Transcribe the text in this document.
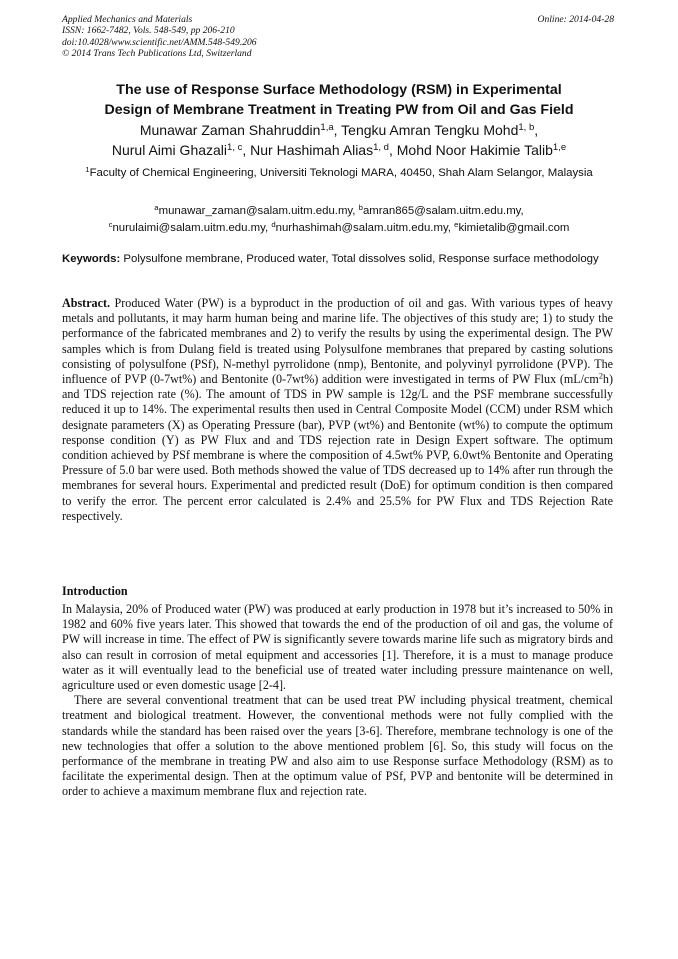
Applied Mechanics and Materials
ISSN: 1662-7482, Vols. 548-549, pp 206-210
doi:10.4028/www.scientific.net/AMM.548-549.206
© 2014 Trans Tech Publications Ltd, Switzerland
Online: 2014-04-28
The use of Response Surface Methodology (RSM) in Experimental
Design of Membrane Treatment in Treating PW from Oil and Gas Field
Munawar Zaman Shahruddin$^{1,a}$, Tengku Amran Tengku Mohd$^{1, b}$,
Nurul Aimi Ghazali$^{1, c}$, Nur Hashimah Alias$^{1, d}$, Mohd Noor Hakimie Talib$^{1,e}$
$^1$Faculty of Chemical Engineering, Universiti Teknologi MARA, 40450, Shah Alam Selangor, Malaysia
$^a$munawar_zaman@salam.uitm.edu.my, $^b$amran865@salam.uitm.edu.my,
$^c$nurulaimi@salam.uitm.edu.my, $^d$nurhashimah@salam.uitm.edu.my, $^e$kimietalib@gmail.com
Keywords: Polysulfone membrane, Produced water, Total dissolves solid, Response surface methodology
Abstract. Produced Water (PW) is a byproduct in the production of oil and gas. With various types of heavy metals and pollutants, it may harm human being and marine life. The objectives of this study are; 1) to study the performance of the fabricated membranes and 2) to verify the results by using the experimental design. The PW samples which is from Dulang field is treated using Polysulfone membranes that prepared by casting solutions consisting of polysulfone (PSf), N-methyl pyrrolidone (nmp), Bentonite, and polyvinyl pyrrolidone (PVP). The influence of PVP (0-7wt%) and Bentonite (0-7wt%) addition were investigated in terms of PW Flux $(mL/cm^2h)$ and TDS rejection rate (%). The amount of TDS in PW sample is 12g/L and the PSF membrane successfully reduced it up to 14%. The experimental results then used in Central Composite Model (CCM) under RSM which designate parameters (X) as Operating Pressure (bar), PVP (wt%) and Bentonite (wt%) to compute the optimum response condition (Y) as PW Flux and and TDS rejection rate in Design Expert software. The optimum condition achieved by PSf membrane is where the composition of 4.5wt% PVP, 6.0wt% Bentonite and Operating Pressure of 5.0 bar were used. Both methods showed the value of TDS decreased up to 14% after run through the membranes for several hours. Experimental and predicted result (DoE) for optimum condition is then compared to verify the error. The percent error calculated is 2.4% and 25.5% for PW Flux and TDS Rejection Rate respectively.
Introduction

In Malaysia, 20% of Produced water (PW) was produced at early production in 1978 but it’s increased to 50% in 1982 and 60% five years later. This showed that towards the end of the production of oil and gas, the volume of PW will increase in time. The effect of PW is significantly severe towards marine life such as migratory birds and also can result in corrosion of metal equipment and accessories [1]. Therefore, it is a must to manage produce water as it will eventually lead to the beneficial use of treated water including pressure maintenance on well, agriculture used or even domestic usage [2-4].

There are several conventional treatment that can be used treat PW including physical treatment, chemical treatment and biological treatment. However, the conventional methods were not fully complied with the standards while the standard has been raised over the years [3-6]. Therefore, membrane technology is one of the new technologies that offer a solution to the above mentioned problem [6]. So, this study will focus on the performance of the membrane in treating PW and also aim to use Response surface Methodology (RSM) as to facilitate the experimental design. Then at the optimum value of PSf, PVP and bentonite will be determined in order to achieve a maximum membrane flux and rejection rate.
